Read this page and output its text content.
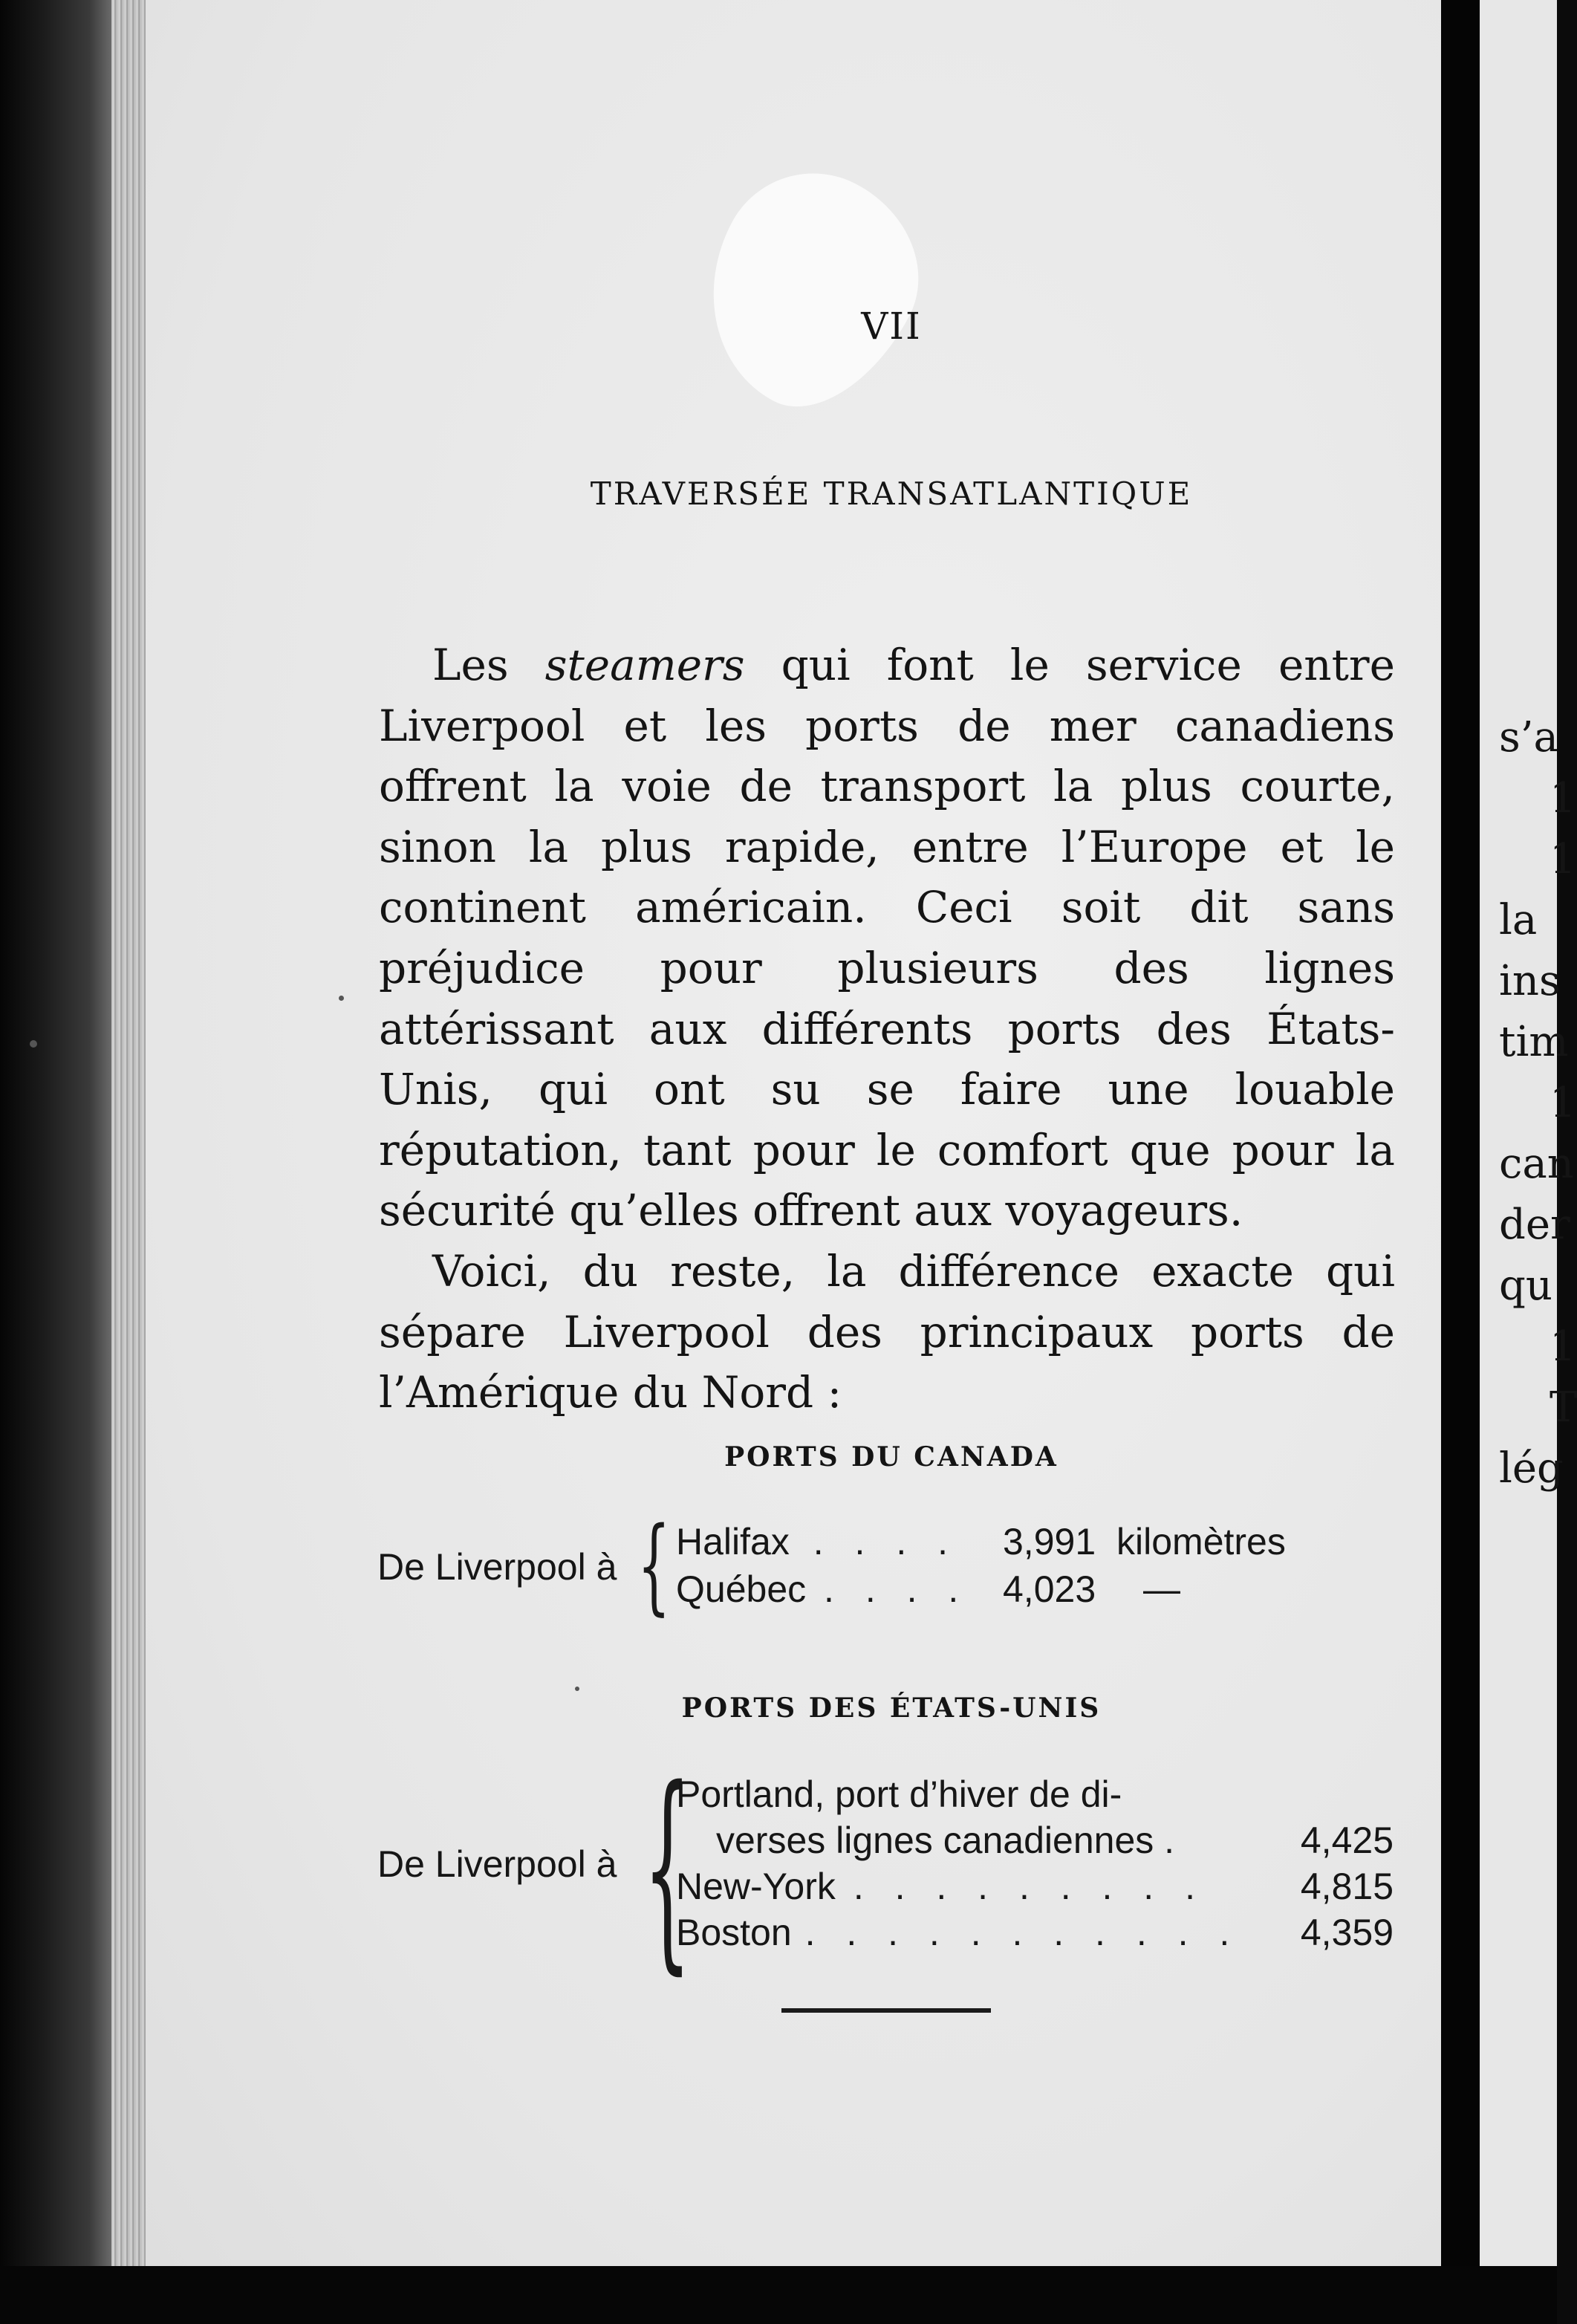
s’a
1
1
la
ins
tim
1
can
der
qu
1
T
lég
VII
TRAVERSÉE TRANSATLANTIQUE

Les steamers qui font le service entre Liverpool et les ports de mer canadiens offrent la voie de transport la plus courte, sinon la plus rapide, entre l’Europe et le continent américain. Ceci soit dit sans préjudice pour plusieurs des lignes attérissant aux différents ports des États-Unis, qui ont su se faire une louable réputation, tant pour le comfort que pour la sécurité qu’elles offrent aux voyageurs.

Voici, du reste, la différence exacte qui sépare Liverpool des principaux ports de l’Amérique du Nord :

PORTS DU CANADA
De Liverpool à { Halifax . . . . 3,991 kilomètres
Québec . . . . 4,023 —
PORTS DES ÉTATS-UNIS
De Liverpool à {
Portland, port d’hiver de di-
verses lignes canadiennes .	4,425
New-York . . . . . . . . .	4,815
Boston . . . . . . . . . . .	4,359
